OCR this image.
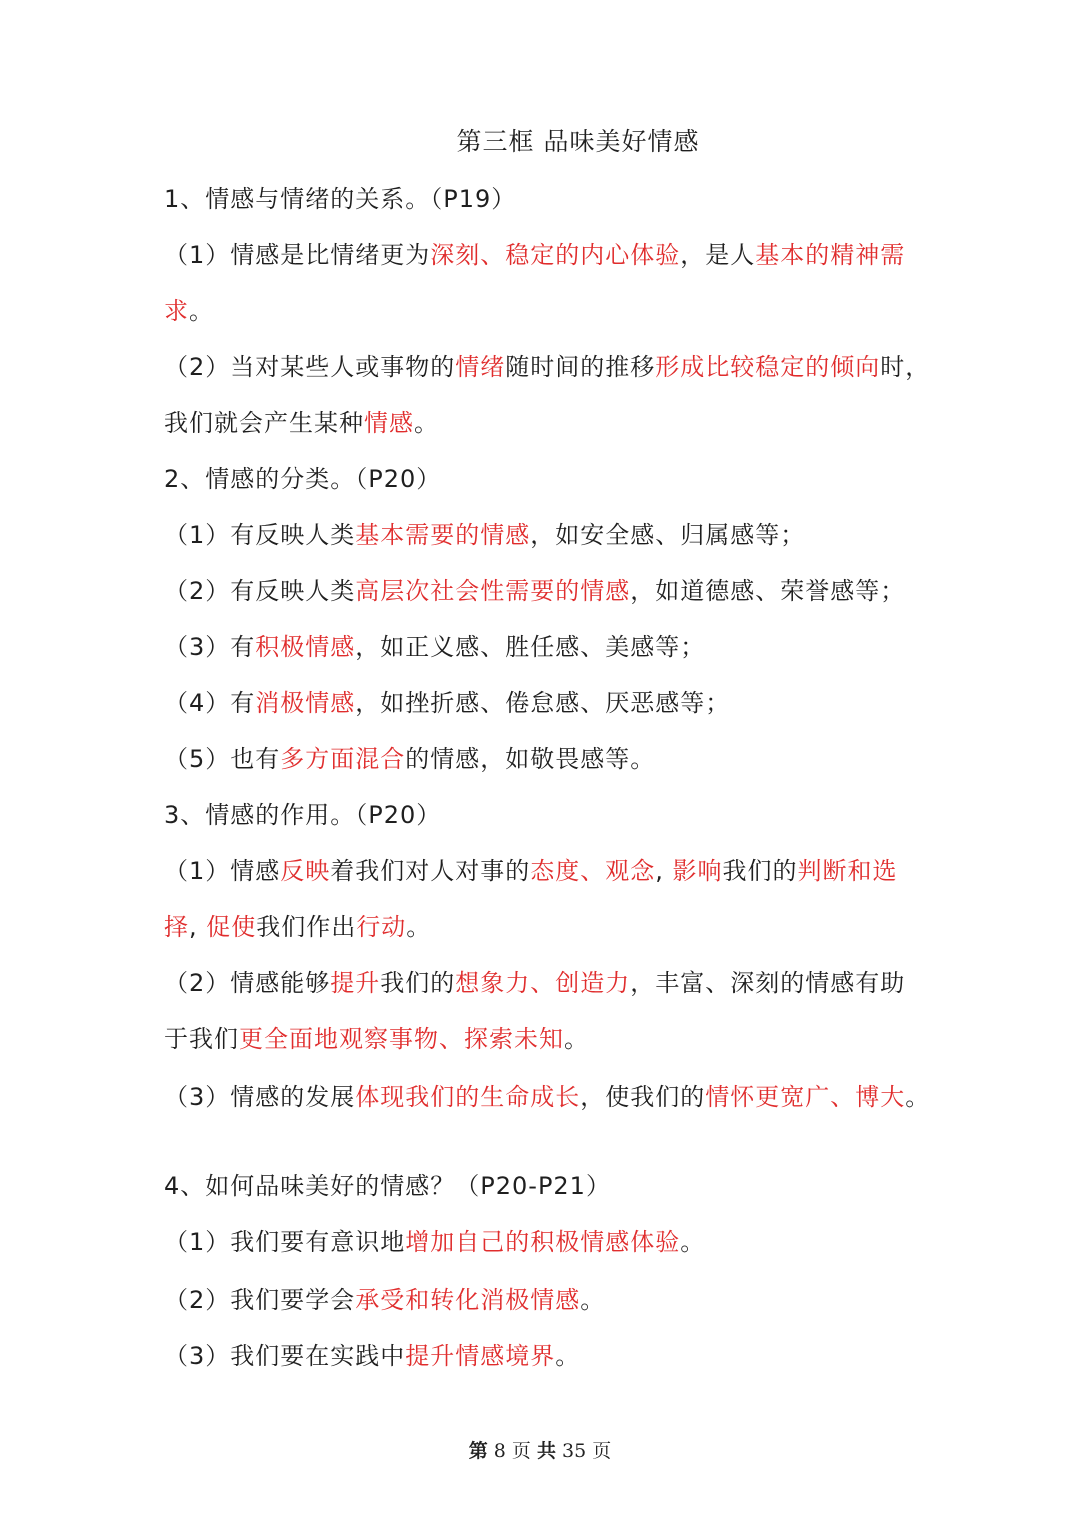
第三框 品味美好情感
1、情感与情绪的关系。（P19）
（1）情感是比情绪更为深刻、稳定的内心体验，是人基本的精神需
求。
（2）当对某些人或事物的情绪随时间的推移形成比较稳定的倾向时，
我们就会产生某种情感。
2、情感的分类。（P20）
（1）有反映人类基本需要的情感，如安全感、归属感等；
（2）有反映人类高层次社会性需要的情感，如道德感、荣誉感等；
（3）有积极情感，如正义感、胜任感、美感等；
（4）有消极情感，如挫折感、倦怠感、厌恶感等；
（5）也有多方面混合的情感，如敬畏感等。
3、情感的作用。（P20）
（1）情感反映着我们对人对事的态度、观念, 影响我们的判断和选
择, 促使我们作出行动。
（2）情感能够提升我们的想象力、创造力，丰富、深刻的情感有助
于我们更全面地观察事物、探索未知。
（3）情感的发展体现我们的生命成长，使我们的情怀更宽广、博大。
4、如何品味美好的情感？（P20-P21）
（1）我们要有意识地增加自己的积极情感体验。
（2）我们要学会承受和转化消极情感。
（3）我们要在实践中提升情感境界。
第 8 页 共 35 页
